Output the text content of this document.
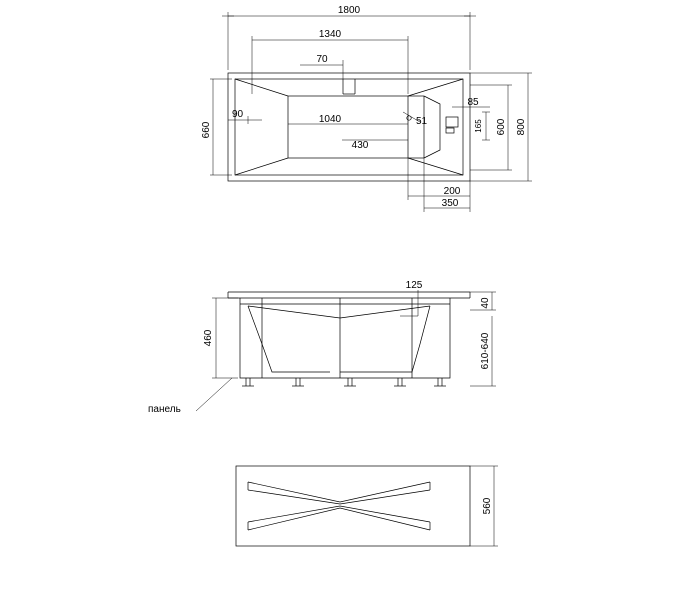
1800
1340
70
660
90	1040
430
800
600
85
165
51
200
350
460
125
40
610-640
560
панель
